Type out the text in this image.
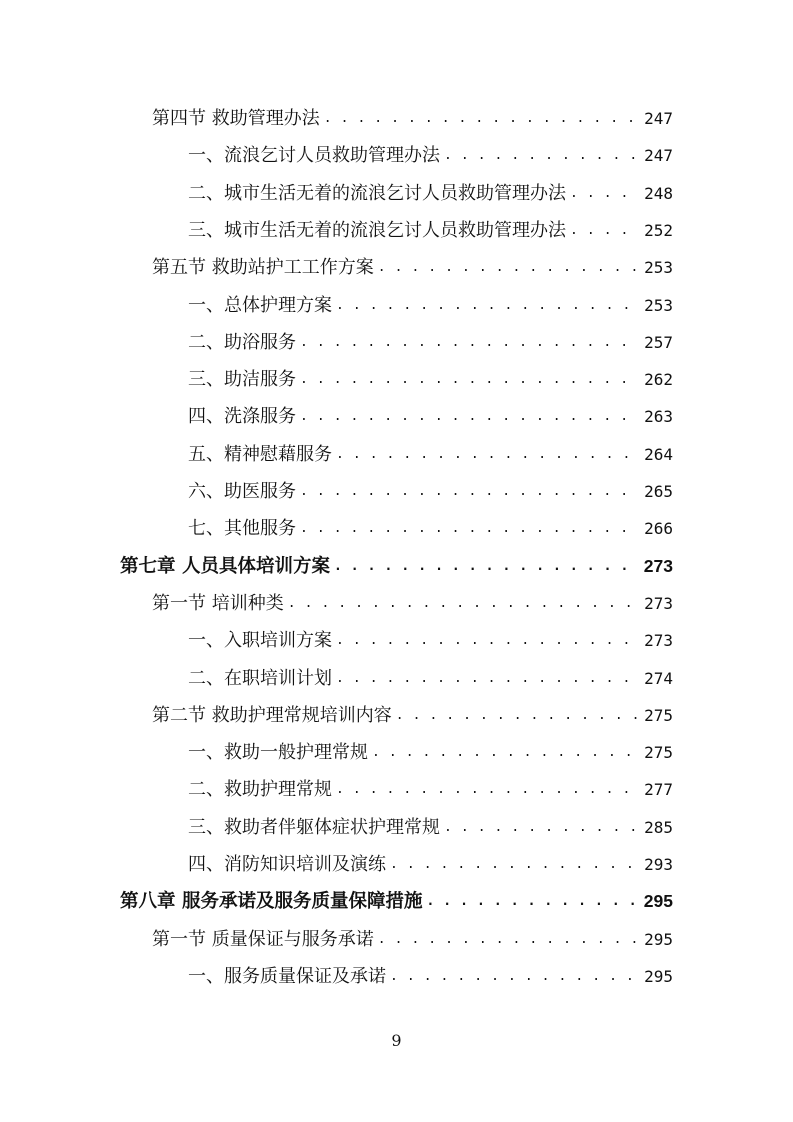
第四节 救助管理办法 . . .	247
一、流浪乞讨人员救助管理办法 . . .	247
二、城市生活无着的流浪乞讨人员救助管理办法 . . .	248
三、城市生活无着的流浪乞讨人员救助管理办法 . . .	252
第五节 救助站护工工作方案 . . .	253
一、总体护理方案 . . .	253
二、助浴服务 . . .	257
三、助洁服务 . . .	262
四、洗涤服务 . . .	263
五、精神慰藉服务 . . .	264
六、助医服务 . . .	265
七、其他服务 . . .	266
第七章 人员具体培训方案 . . .	273
第一节 培训种类 . . .	273
一、入职培训方案 . . .	273
二、在职培训计划 . . .	274
第二节 救助护理常规培训内容 . . .	275
一、救助一般护理常规 . . .	275
二、救助护理常规 . . .	277
三、救助者伴躯体症状护理常规 . . .	285
四、消防知识培训及演练 . . .	293
第八章 服务承诺及服务质量保障措施 . . .	295
第一节 质量保证与服务承诺 . . .	295
一、服务质量保证及承诺 . . .	295
9
